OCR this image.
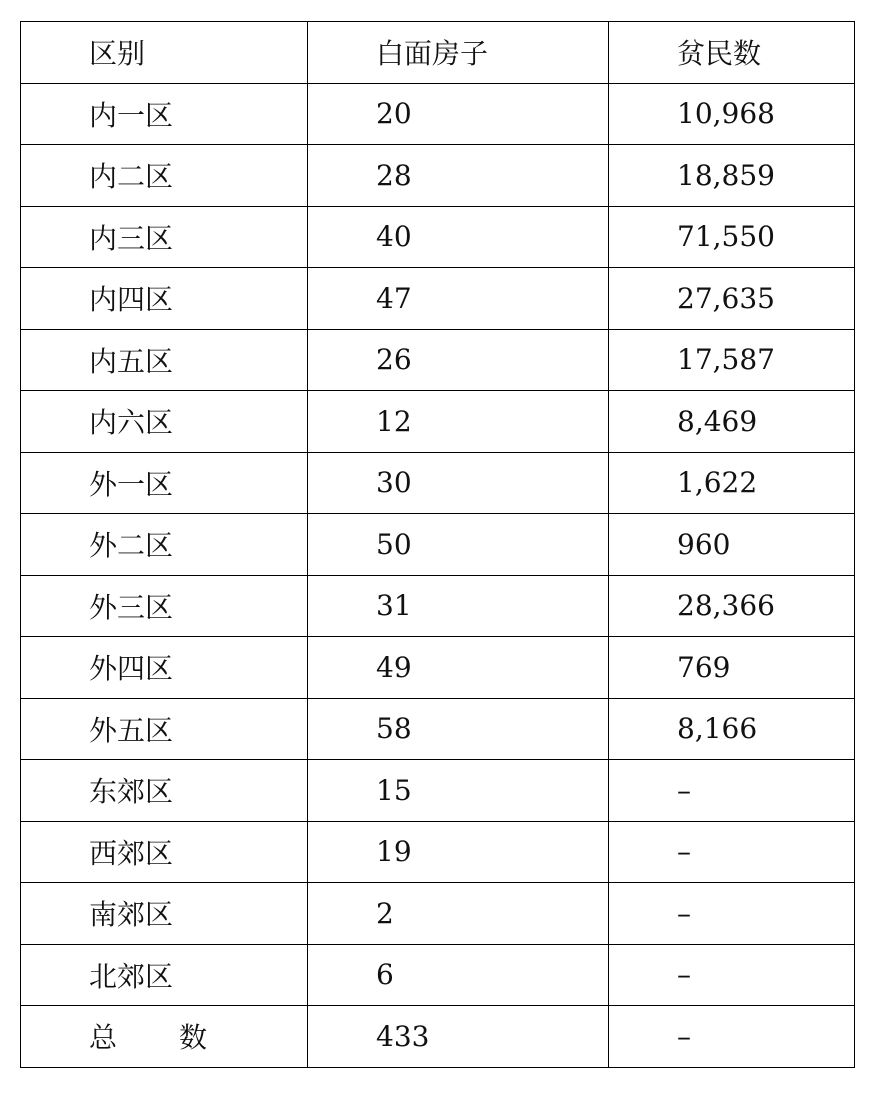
区别	白面房子	贫民数
内一区	20	10,968
内二区	28	18,859
内三区	40	71,550
内四区	47	27,635
内五区	26	17,587
内六区	12	8,469
外一区	30	1,622
外二区	50	960
外三区	31	28,366
外四区	49	769
外五区	58	8,166
东郊区	15	–
西郊区	19	–
南郊区	2	–
北郊区	6	–
总 数	433	–
